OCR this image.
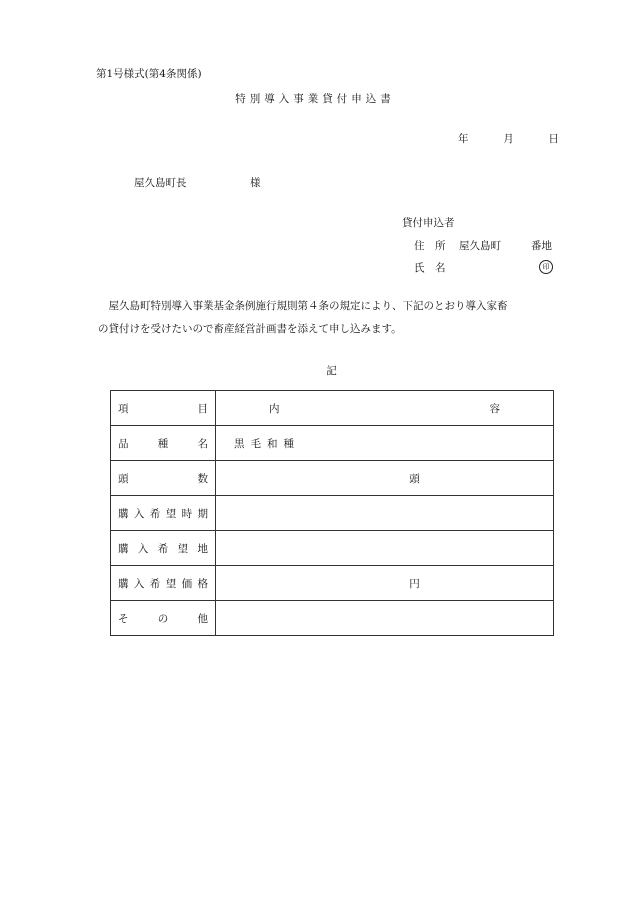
第1号様式(第4条関係)
特別導入事業貸付申込書
年	月	日
屋久島町長	様
貸付申込者
住　所 屋久島町	番地
氏　名	印

屋久島町特別導入事業基金条例施行規則第４条の規定により、下記のとおり導入家畜

の貸付けを受けたいので畜産経営計画書を添えて申し込みます。

記
項目	内 容

品種名	黒毛和種

頭数	頭

購入希望時期	

購入希望地	

購入希望価格	円

その他	
